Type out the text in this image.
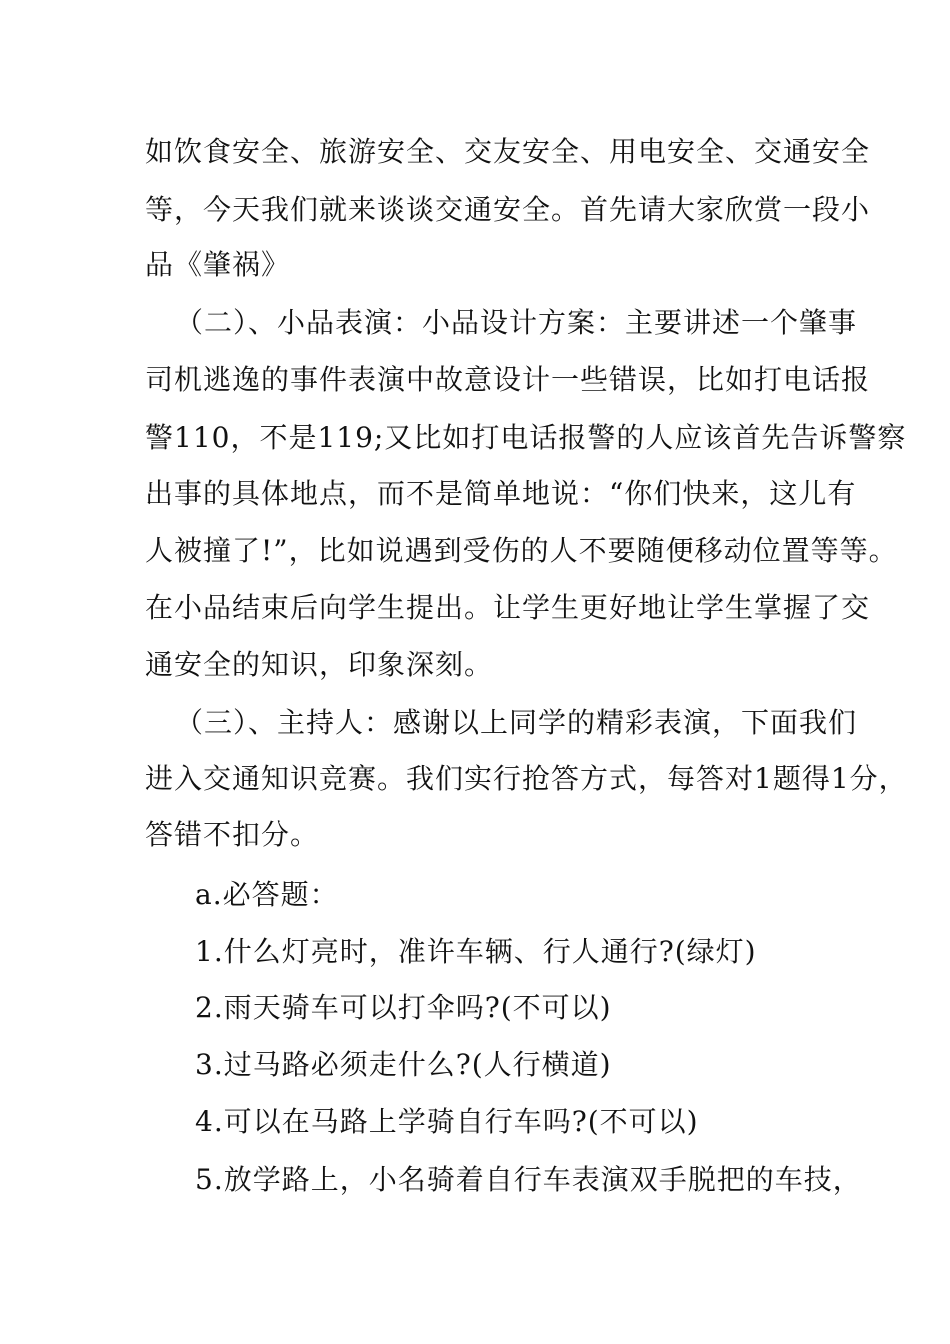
如饮食安全、旅游安全、交友安全、用电安全、交通安全
等，今天我们就来谈谈交通安全。首先请大家欣赏一段小
品《肇祸》
（二）、小品表演：小品设计方案：主要讲述一个肇事
司机逃逸的事件表演中故意设计一些错误，比如打电话报
警110，不是119;又比如打电话报警的人应该首先告诉警察
出事的具体地点，而不是简单地说：“你们快来，这儿有
人被撞了!”，比如说遇到受伤的人不要随便移动位置等等。
在小品结束后向学生提出。让学生更好地让学生掌握了交
通安全的知识，印象深刻。
（三）、主持人：感谢以上同学的精彩表演，下面我们
进入交通知识竞赛。我们实行抢答方式，每答对1题得1分，
答错不扣分。
a.必答题：
1.什么灯亮时，准许车辆、行人通行?(绿灯)
2.雨天骑车可以打伞吗?(不可以)
3.过马路必须走什么?(人行横道)
4.可以在马路上学骑自行车吗?(不可以)
5.放学路上，小名骑着自行车表演双手脱把的车技，
